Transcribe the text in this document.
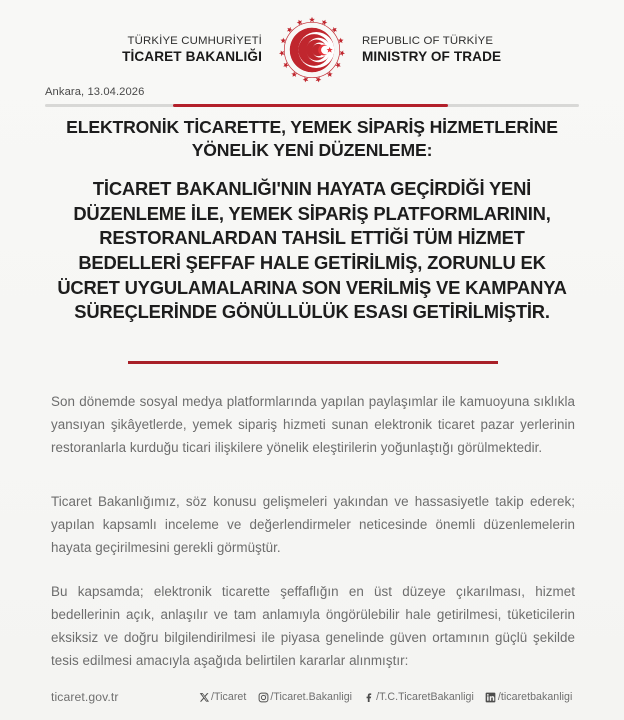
TÜRKİYE CUMHURİYETİ
TİCARET BAKANLIĞI
REPUBLIC OF TÜRKİYE
MINISTRY OF TRADE
Ankara, 13.04.2026
ELEKTRONİK TİCARETTE, YEMEK SİPARİŞ HİZMETLERİNE YÖNELİK YENİ DÜZENLEME:
TİCARET BAKANLIĞI'NIN HAYATA GEÇİRDİĞİ YENİ DÜZENLEME İLE, YEMEK SİPARİŞ PLATFORMLARININ, RESTORANLARDAN TAHSİL ETTİĞİ TÜM HİZMET BEDELLERİ ŞEFFAF HALE GETİRİLMİŞ, ZORUNLU EK ÜCRET UYGULAMALARINA SON VERİLMİŞ VE KAMPANYA SÜREÇLERİNDE GÖNÜLLÜLÜK ESASI GETİRİLMİŞTİR.

Son dönemde sosyal medya platformlarında yapılan paylaşımlar ile kamuoyuna sıklıkla yansıyan şikâyetlerde, yemek sipariş hizmeti sunan elektronik ticaret pazar yerlerinin restoranlarla kurduğu ticari ilişkilere yönelik eleştirilerin yoğunlaştığı görülmektedir.

Ticaret Bakanlığımız, söz konusu gelişmeleri yakından ve hassasiyetle takip ederek; yapılan kapsamlı inceleme ve değerlendirmeler neticesinde önemli düzenlemelerin hayata geçirilmesini gerekli görmüştür.

Bu kapsamda; elektronik ticarette şeffaflığın en üst düzeye çıkarılması, hizmet bedellerinin açık, anlaşılır ve tam anlamıyla öngörülebilir hale getirilmesi, tüketicilerin eksiksiz ve doğru bilgilendirilmesi ile piyasa genelinde güven ortamının güçlü şekilde tesis edilmesi amacıyla aşağıda belirtilen kararlar alınmıştır:

ticaret.gov.tr	/Ticaret /Ticaret.Bakanligi /T.C.TicaretBakanligi /ticaretbakanligi
